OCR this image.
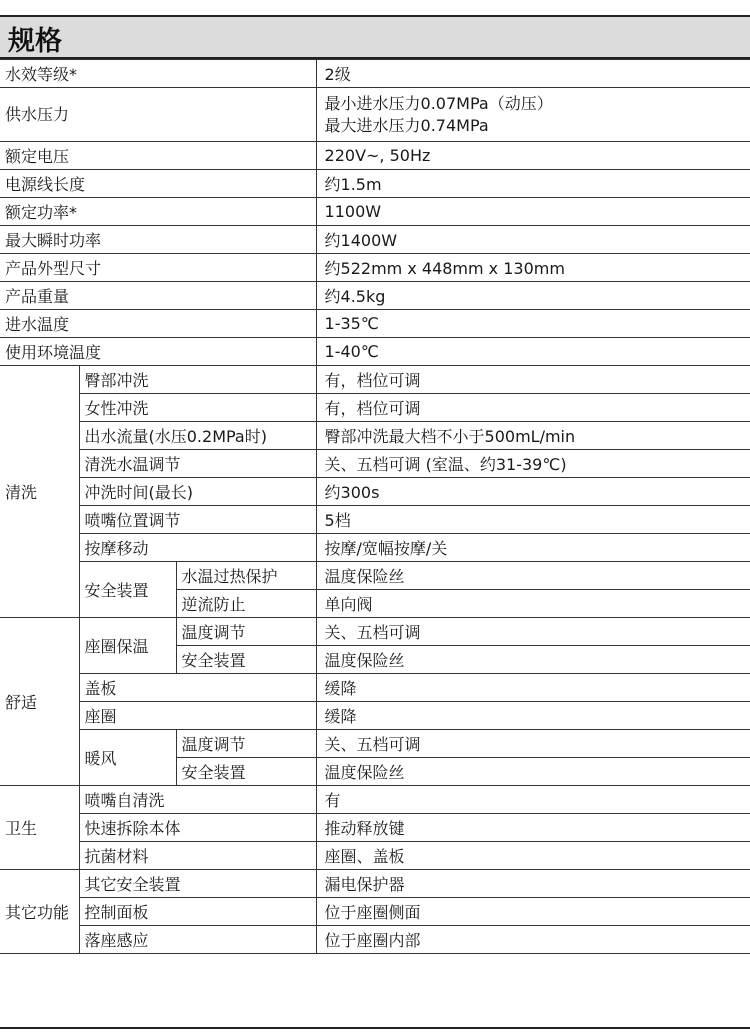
规格
水效等级*			2级
供水压力			最小进水压力0.07MPa（动压）
最大进水压力0.74MPa

额定电压			220V~, 50Hz
电源线长度			约1.5m
额定功率*			1100W
最大瞬时功率			约1400W
产品外型尺寸			约522mm x 448mm x 130mm
产品重量			约4.5kg
进水温度			1-35℃
使用环境温度			1-40℃
清洗	臀部冲洗		有，档位可调
	女性冲洗		有，档位可调
	出水流量(水压0.2MPa时)		臀部冲洗最大档不小于500mL/min
	清洗水温调节		关、五档可调 (室温、约31-39℃)
	冲洗时间(最长)		约300s
	喷嘴位置调节		5档
	按摩移动		按摩/宽幅按摩/关
	安全装置	水温过热保护	温度保险丝
		逆流防止	单向阀
舒适	座圈保温	温度调节	关、五档可调
		安全装置	温度保险丝
	盖板		缓降
	座圈		缓降
	暖风	温度调节	关、五档可调
		安全装置	温度保险丝
卫生	喷嘴自清洗		有
	快速拆除本体		推动释放键
	抗菌材料		座圈、盖板
其它功能	其它安全装置		漏电保护器
	控制面板		位于座圈侧面
	落座感应		位于座圈内部
